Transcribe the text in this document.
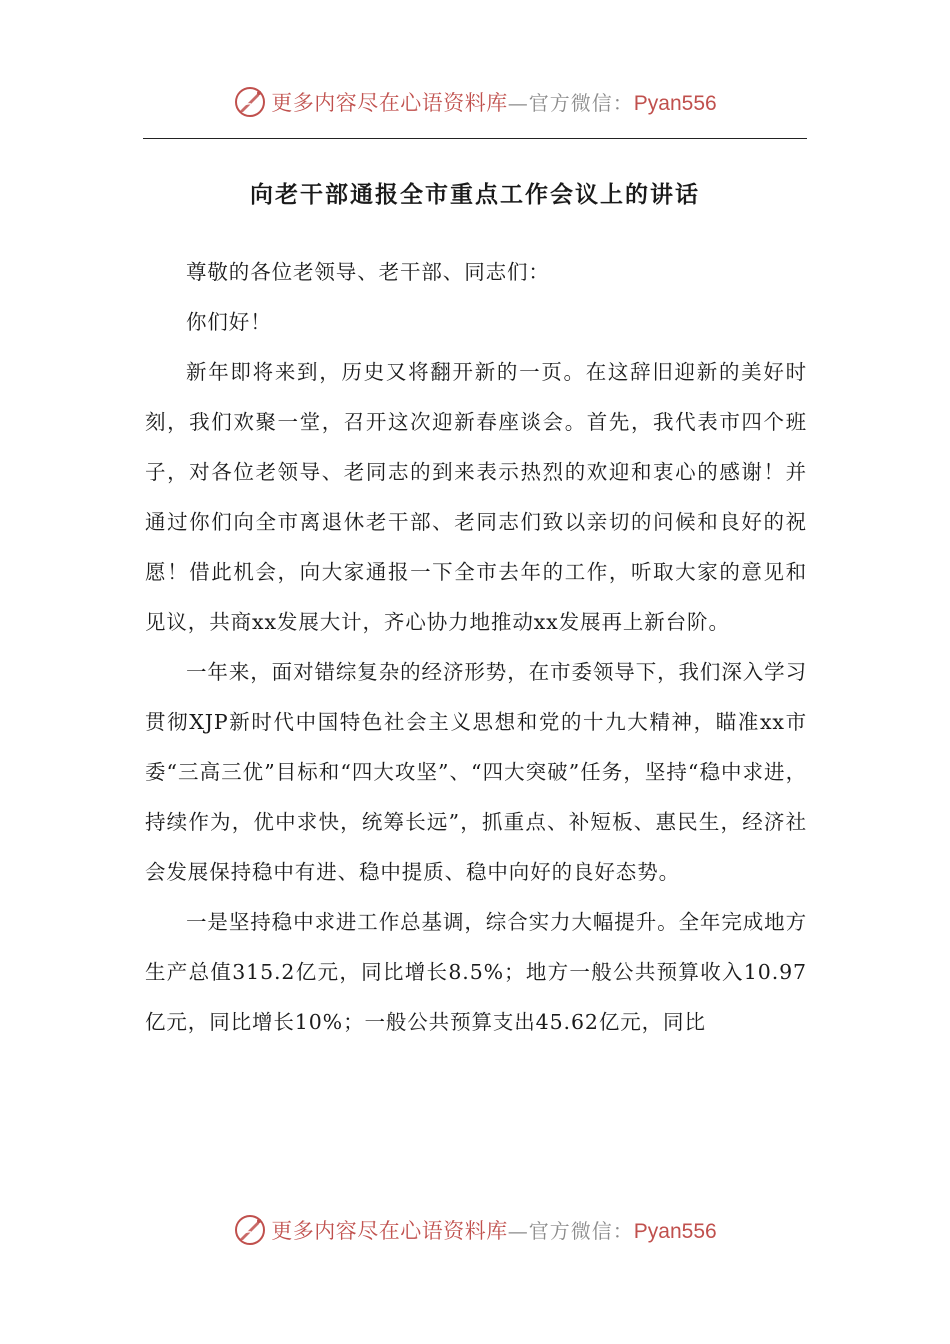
更多内容尽在心语资料库 —官方微信： Pyan556
向老干部通报全市重点工作会议上的讲话

尊敬的各位老领导、老干部、同志们：

你们好！

新年即将来到，历史又将翻开新的一页。在这辞旧迎新的美好时刻，我们欢聚一堂，召开这次迎新春座谈会。首先，我代表市四个班子，对各位老领导、老同志的到来表示热烈的欢迎和衷心的感谢！并通过你们向全市离退休老干部、老同志们致以亲切的问候和良好的祝愿！借此机会，向大家通报一下全市去年的工作，听取大家的意见和见议，共商xx发展大计，齐心协力地推动xx发展再上新台阶。

一年来，面对错综复杂的经济形势，在市委领导下，我们深入学习贯彻XJP新时代中国特色社会主义思想和党的十九大精神，瞄准xx市委“三高三优”目标和“四大攻坚”、“四大突破”任务，坚持“稳中求进，持续作为，优中求快，统筹长远”，抓重点、补短板、惠民生，经济社会发展保持稳中有进、稳中提质、稳中向好的良好态势。

一是坚持稳中求进工作总基调，综合实力大幅提升。全年完成地方生产总值315.2亿元，同比增长8.5%；地方一般公共预算收入10.97亿元，同比增长10%；一般公共预算支出45.62亿元，同比

更多内容尽在心语资料库 —官方微信： Pyan556
